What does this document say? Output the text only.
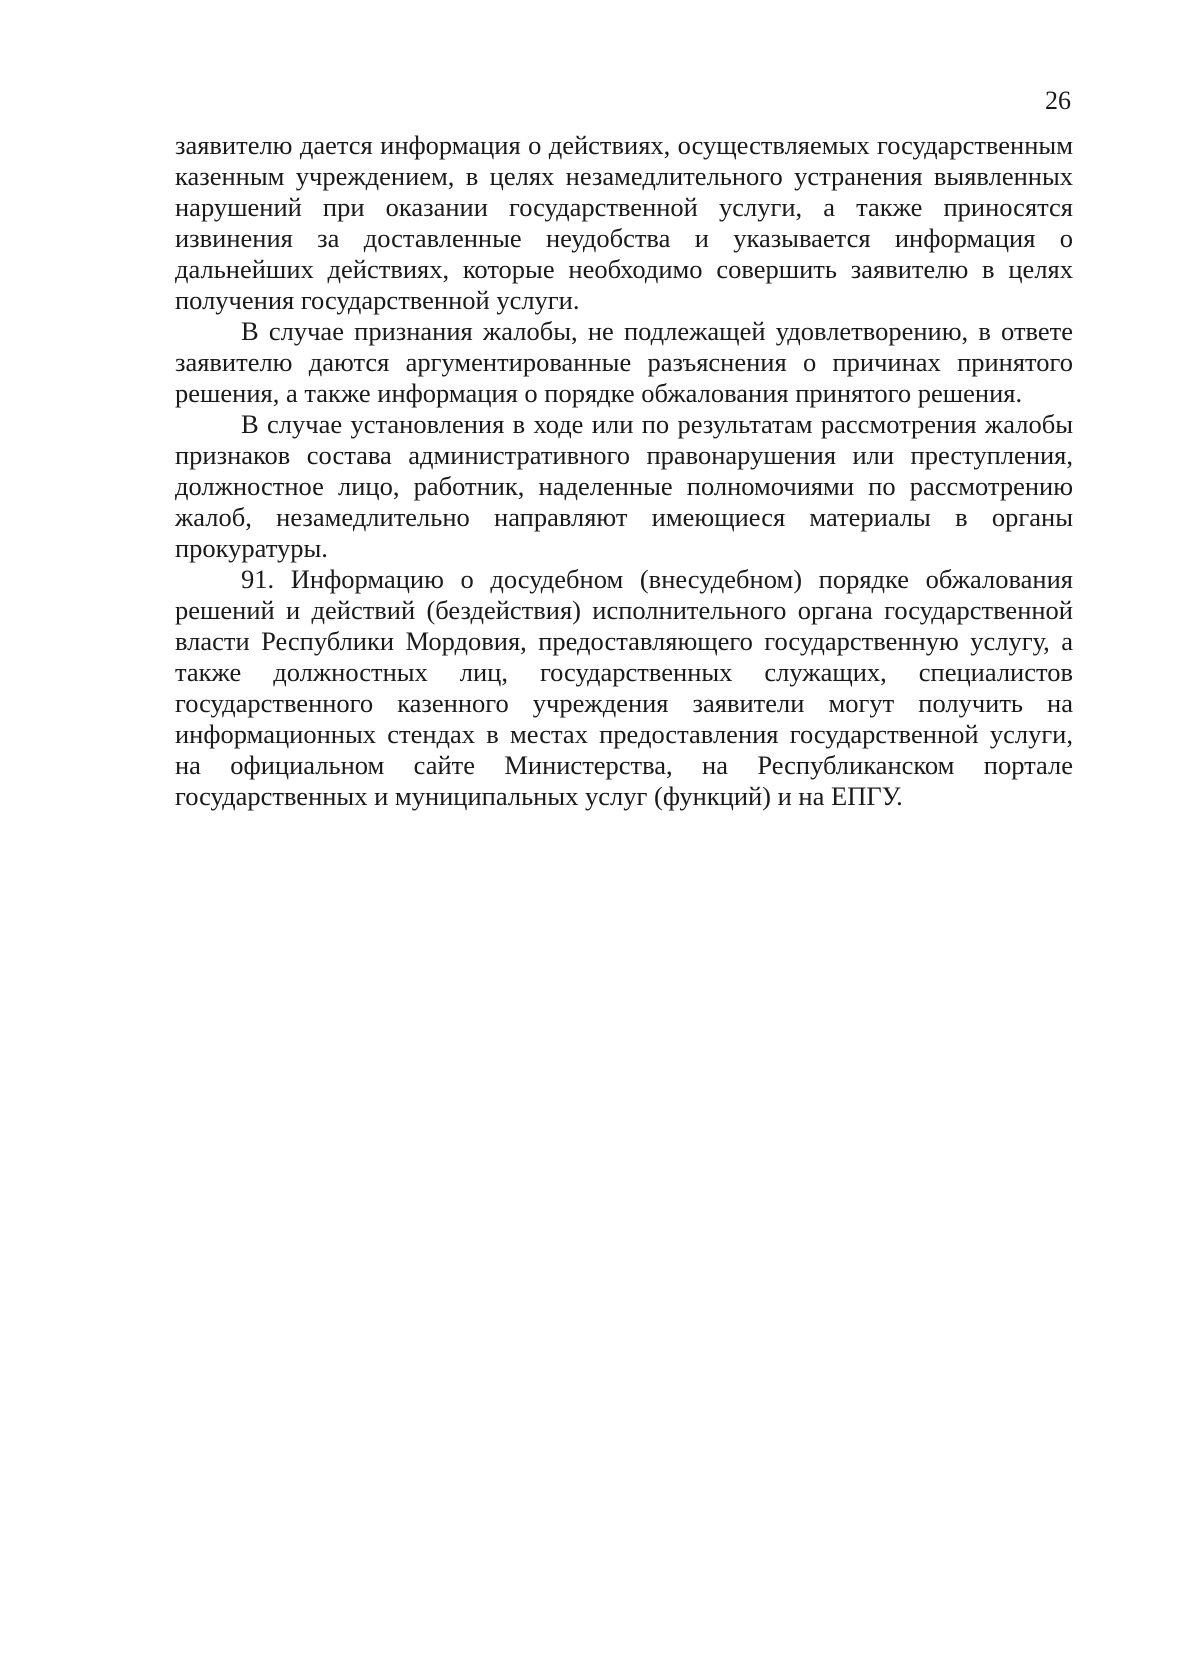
26

заявителю дается информация о действиях, осуществляемых государственным казенным учреждением, в целях незамедлительного устранения выявленных нарушений при оказании государственной услуги, а также приносятся извинения за доставленные неудобства и указывается информация о дальнейших действиях, которые необходимо совершить заявителю в целях получения государственной услуги.

В случае признания жалобы, не подлежащей удовлетворению, в ответе заявителю даются аргументированные разъяснения о причинах принятого решения, а также информация о порядке обжалования принятого решения.

В случае установления в ходе или по результатам рассмотрения жалобы признаков состава административного правонарушения или преступления, должностное лицо, работник, наделенные полномочиями по рассмотрению жалоб, незамедлительно направляют имеющиеся материалы в органы прокуратуры.

91. Информацию о досудебном (внесудебном) порядке обжалования решений и действий (бездействия) исполнительного органа государственной власти Республики Мордовия, предоставляющего государственную услугу, а также должностных лиц, государственных служащих, специалистов государственного казенного учреждения заявители могут получить на информационных стендах в местах предоставления государственной услуги, на официальном сайте Министерства, на Республиканском портале государственных и муниципальных услуг (функций) и на ЕПГУ.
